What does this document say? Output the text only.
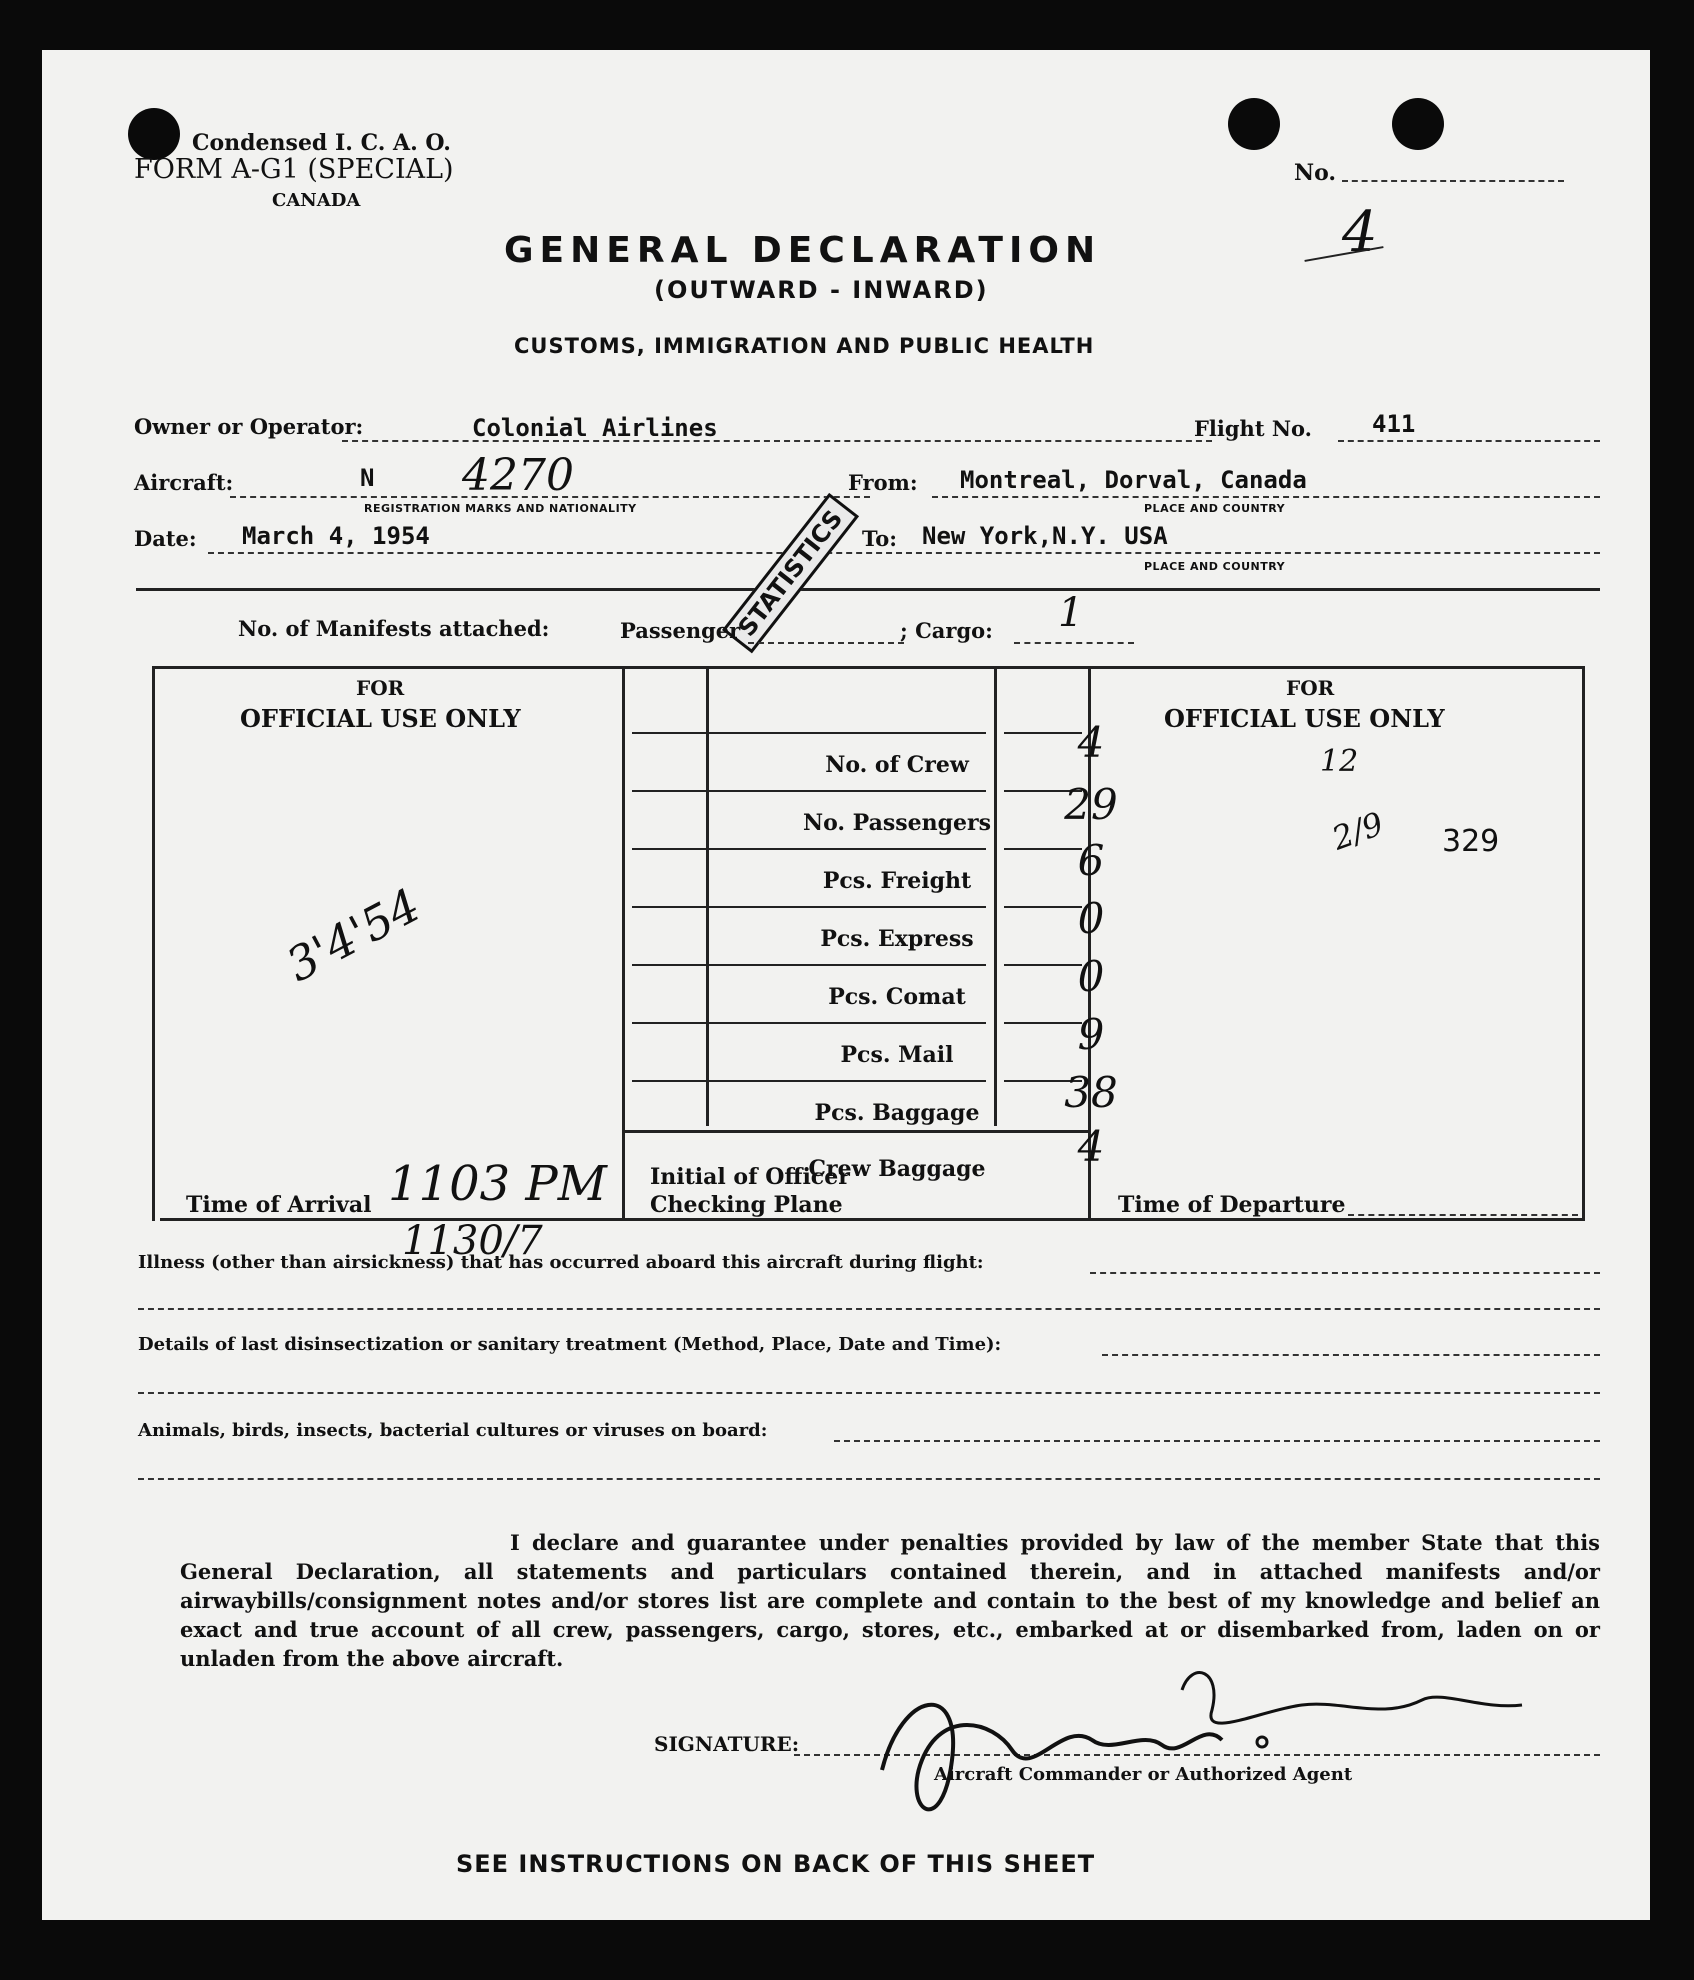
Condensed I. C. A. O.
FORM A-G1 (SPECIAL)
CANADA
No.
4
GENERAL DECLARATION
(OUTWARD - INWARD)
CUSTOMS, IMMIGRATION AND PUBLIC HEALTH
Owner or Operator:	Colonial Airlines	Flight No.	411
Aircraft:	N 4270
REGISTRATION MARKS AND NATIONALITY
From: Montreal, Dorval, Canada
PLACE AND COUNTRY
Date: March 4, 1954	To: New York,N.Y. USA
PLACE AND COUNTRY
STATISTICS
No. of Manifests attached:	Passenger	; Cargo: 1
FOR
OFFICIAL USE ONLY
3'4'54
FOR
OFFICIAL USE ONLY
12
2/9 329
No. of Crew	4
No. Passengers	29
Pcs. Freight	6
Pcs. Express	0
Pcs. Comat	0
Pcs. Mail	9
Pcs. Baggage	38
Crew Baggage	4
Time of Arrival 1103 PM Initial of Officer
Checking Plane	Time of Departure
1130/7
Illness (other than airsickness) that has occurred aboard this aircraft during flight:
Details of last disinsectization or sanitary treatment (Method, Place, Date and Time):
Animals, birds, insects, bacterial cultures or viruses on board:
I declare and guarantee under penalties provided by law of the member State that this General Declaration, all statements and particulars contained therein, and in attached manifests and/or airwaybills/consignment notes and/or stores list are complete and contain to the best of my knowledge and belief an exact and true account of all crew, passengers, cargo, stores, etc., embarked at or disembarked from, laden on or unladen from the above aircraft.
SIGNATURE:
Aircraft Commander or Authorized Agent
SEE INSTRUCTIONS ON BACK OF THIS SHEET
